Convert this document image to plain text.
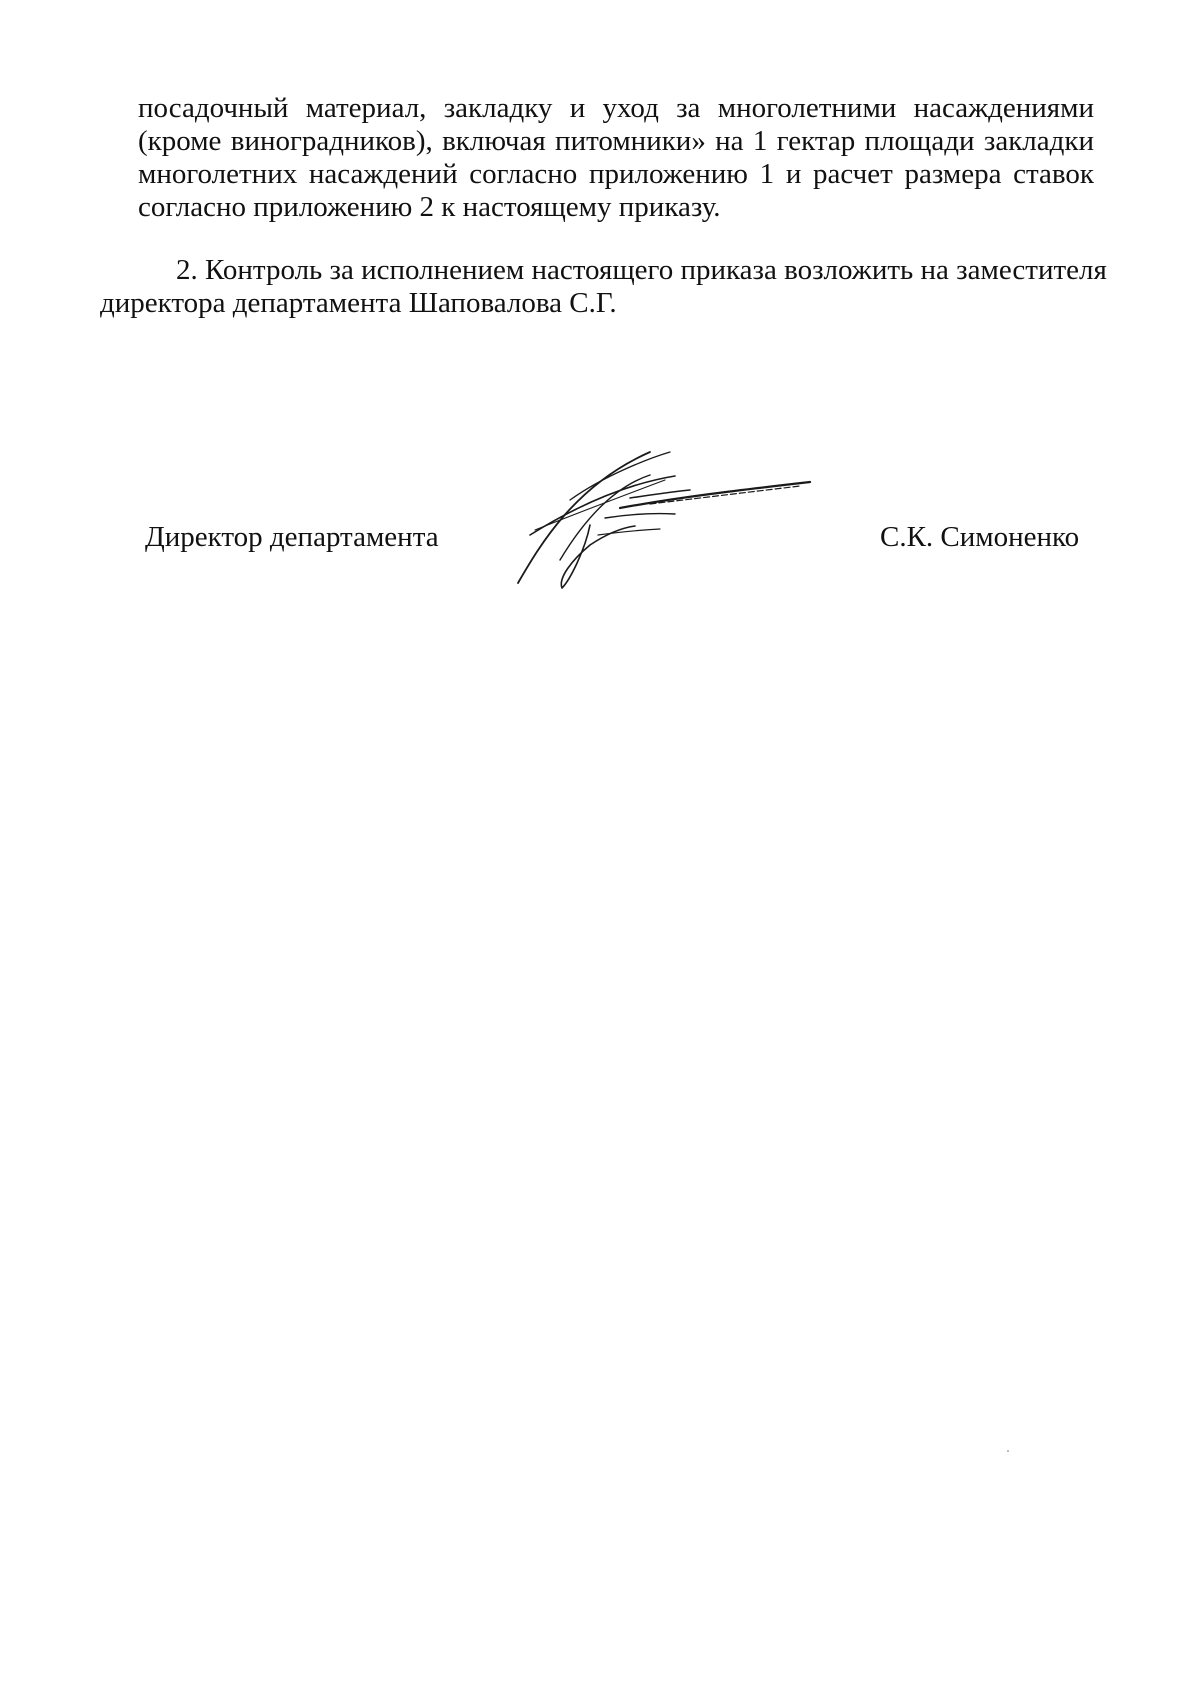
посадочный материал, закладку и уход за многолетними насаждениями
(кроме виноградников), включая питомники» на 1 гектар площади закладки
многолетних насаждений согласно приложению 1 и расчет размера ставок
согласно приложению 2 к настоящему приказу.

2. Контроль за исполнением настоящего приказа возложить на заместителя
директора департамента Шаповалова С.Г.

Директор департамента	С.К. Симоненко
